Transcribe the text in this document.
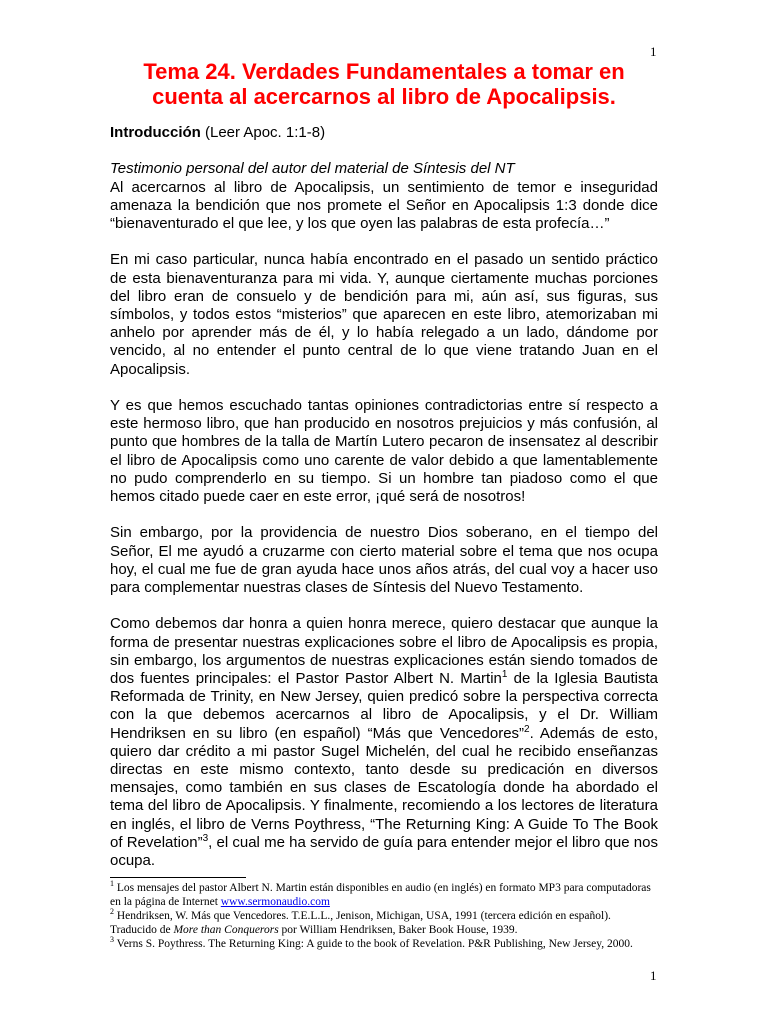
1
Tema 24. Verdades Fundamentales a tomar en cuenta al acercarnos al libro de Apocalipsis.

Introducción (Leer Apoc. 1:1-8)

Testimonio personal del autor del material de Síntesis del NT

Al acercarnos al libro de Apocalipsis, un sentimiento de temor e inseguridad amenaza la bendición que nos promete el Señor en Apocalipsis 1:3 donde dice “bienaventurado el que lee, y los que oyen las palabras de esta profecía…”

En mi caso particular, nunca había encontrado en el pasado un sentido práctico de esta bienaventuranza para mi vida. Y, aunque ciertamente muchas porciones del libro eran de consuelo y de bendición para mi, aún así, sus figuras, sus símbolos, y todos estos “misterios” que aparecen en este libro, atemorizaban mi anhelo por aprender más de él, y lo había relegado a un lado, dándome por vencido, al no entender el punto central de lo que viene tratando Juan en el Apocalipsis.

Y es que hemos escuchado tantas opiniones contradictorias entre sí respecto a este hermoso libro, que han producido en nosotros prejuicios y más confusión, al punto que hombres de la talla de Martín Lutero pecaron de insensatez al describir el libro de Apocalipsis como uno carente de valor debido a que lamentablemente no pudo comprenderlo en su tiempo. Si un hombre tan piadoso como el que hemos citado puede caer en este error, ¡qué será de nosotros!

Sin embargo, por la providencia de nuestro Dios soberano, en el tiempo del Señor, El me ayudó a cruzarme con cierto material sobre el tema que nos ocupa hoy, el cual me fue de gran ayuda hace unos años atrás, del cual voy a hacer uso para complementar nuestras clases de Síntesis del Nuevo Testamento.

Como debemos dar honra a quien honra merece, quiero destacar que aunque la forma de presentar nuestras explicaciones sobre el libro de Apocalipsis es propia, sin embargo, los argumentos de nuestras explicaciones están siendo tomados de dos fuentes principales: el Pastor Pastor Albert N. Martin$^1$ de la Iglesia Bautista Reformada de Trinity, en New Jersey, quien predicó sobre la perspectiva correcta con la que debemos acercarnos al libro de Apocalipsis, y el Dr. William Hendriksen en su libro (en español) “Más que Vencedores”$^2$. Además de esto, quiero dar crédito a mi pastor Sugel Michelén, del cual he recibido enseñanzas directas en este mismo contexto, tanto desde su predicación en diversos mensajes, como también en sus clases de Escatología donde ha abordado el tema del libro de Apocalipsis. Y finalmente, recomiendo a los lectores de literatura en inglés, el libro de Verns Poythress, “The Returning King: A Guide To The Book of Revelation”$^3$, el cual me ha servido de guía para entender mejor el libro que nos ocupa.

$^1$ Los mensajes del pastor Albert N. Martin están disponibles en audio (en inglés) en formato MP3 para computadoras en la página de Internet www.sermonaudio.com

$^2$ Hendriksen, W. Más que Vencedores. T.E.L.L., Jenison, Michigan, USA, 1991 (tercera edición en español). Traducido de More than Conquerors por William Hendriksen, Baker Book House, 1939.

$^3$ Verns S. Poythress. The Returning King: A guide to the book of Revelation. P&R Publishing, New Jersey, 2000.

1
